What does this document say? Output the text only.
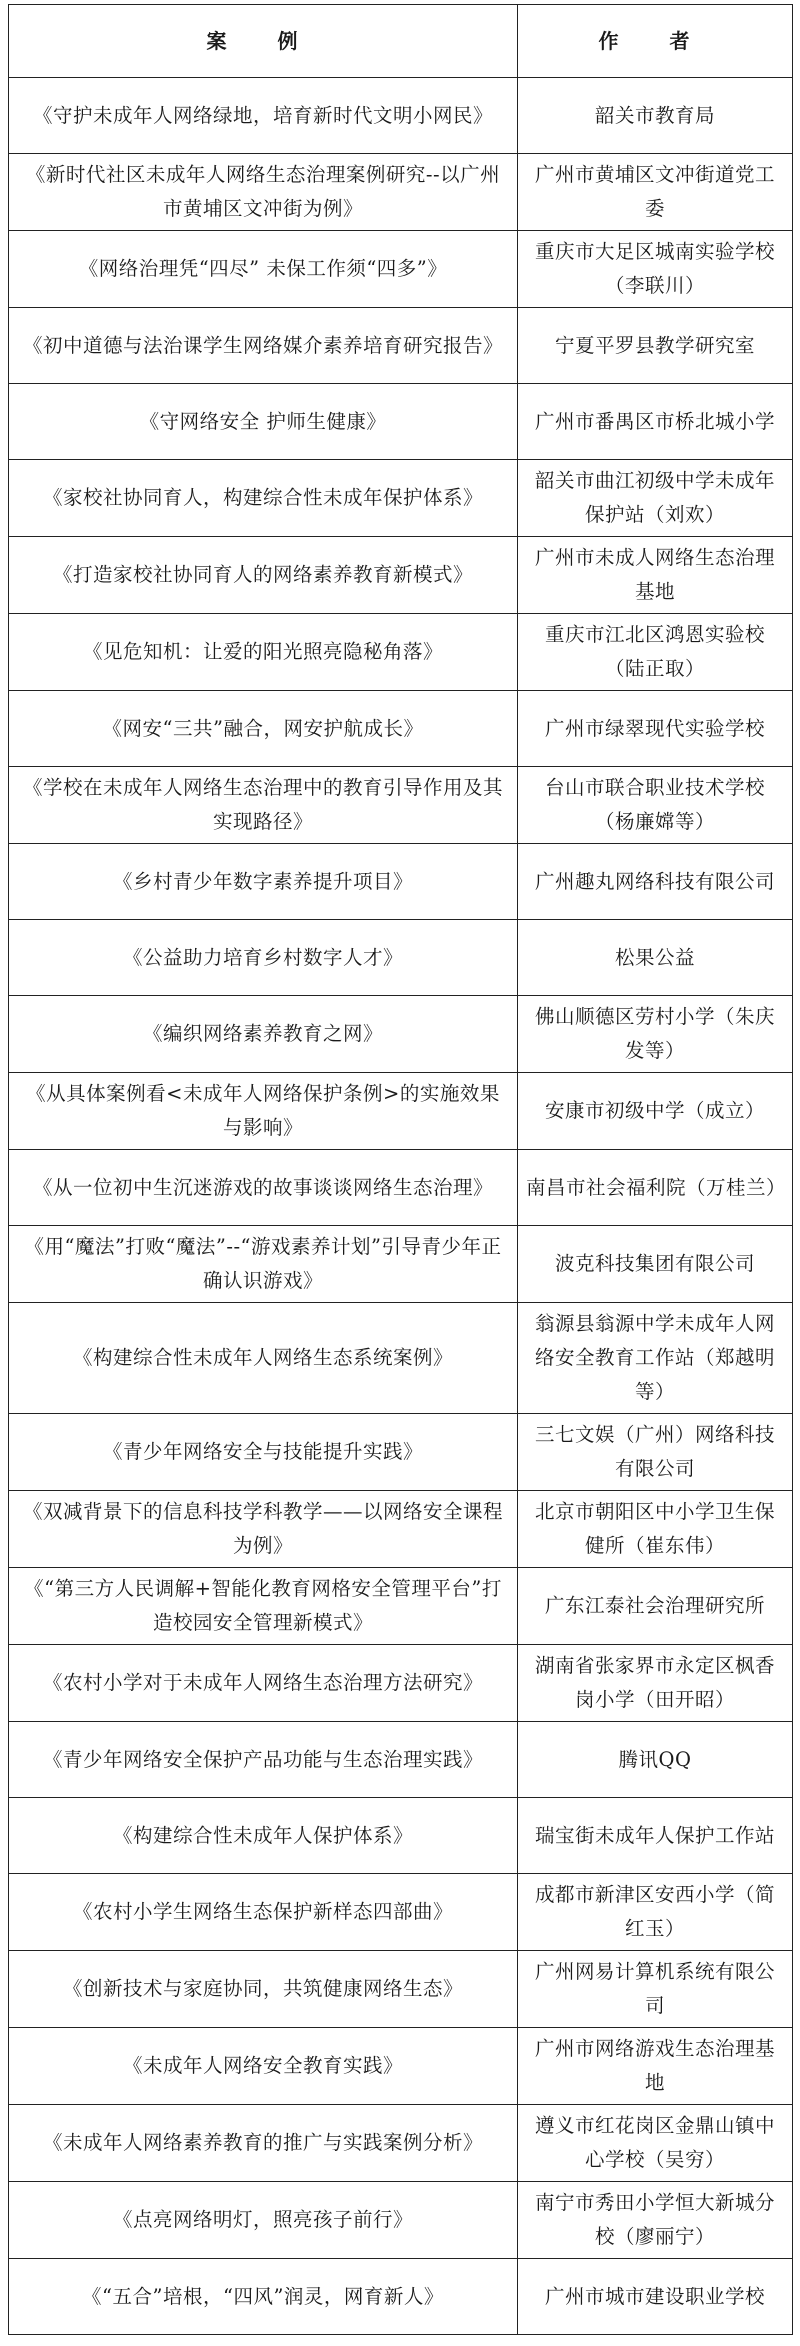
案 例	作 者
《守护未成年人网络绿地，培育新时代文明小网民》	韶关市教育局
《新时代社区未成年人网络生态治理案例研究--以广州市黄埔区文冲街为例》	广州市黄埔区文冲街道党工委
《网络治理凭“四尽” 未保工作须“四多”》	重庆市大足区城南实验学校（李联川）
《初中道德与法治课学生网络媒介素养培育研究报告》	宁夏平罗县教学研究室
《守网络安全 护师生健康》	广州市番禺区市桥北城小学
《家校社协同育人，构建综合性未成年保护体系》	韶关市曲江初级中学未成年保护站（刘欢）
《打造家校社协同育人的网络素养教育新模式》	广州市未成人网络生态治理基地
《见危知机：让爱的阳光照亮隐秘角落》	重庆市江北区鸿恩实验校（陆正取）
《网安“三共”融合，网安护航成长》	广州市绿翠现代实验学校
《学校在未成年人网络生态治理中的教育引导作用及其实现路径》	台山市联合职业技术学校（杨廉嫦等）
《乡村青少年数字素养提升项目》	广州趣丸网络科技有限公司
《公益助力培育乡村数字人才》	松果公益
《编织网络素养教育之网》	佛山顺德区劳村小学（朱庆发等）
《从具体案例看<未成年人网络保护条例>的实施效果与影响》	安康市初级中学（成立）
《从一位初中生沉迷游戏的故事谈谈网络生态治理》	南昌市社会福利院（万桂兰）
《用“魔法”打败“魔法”--“游戏素养计划”引导青少年正确认识游戏》	波克科技集团有限公司
《构建综合性未成年人网络生态系统案例》	翁源县翁源中学未成年人网络安全教育工作站（郑越明等）
《青少年网络安全与技能提升实践》	三七文娱（广州）网络科技有限公司
《双减背景下的信息科技学科教学——以网络安全课程为例》	北京市朝阳区中小学卫生保健所（崔东伟）
《“第三方人民调解+智能化教育网格安全管理平台”打造校园安全管理新模式》	广东江泰社会治理研究所
《农村小学对于未成年人网络生态治理方法研究》	湖南省张家界市永定区枫香岗小学（田开昭）
《青少年网络安全保护产品功能与生态治理实践》	腾讯QQ
《构建综合性未成年人保护体系》	瑞宝街未成年人保护工作站
《农村小学生网络生态保护新样态四部曲》	成都市新津区安西小学（简红玉）
《创新技术与家庭协同，共筑健康网络生态》	广州网易计算机系统有限公司
《未成年人网络安全教育实践》	广州市网络游戏生态治理基地
《未成年人网络素养教育的推广与实践案例分析》	遵义市红花岗区金鼎山镇中心学校（吴穷）
《点亮网络明灯，照亮孩子前行》	南宁市秀田小学恒大新城分校（廖丽宁）
《“五合”培根，“四风”润灵，网育新人》	广州市城市建设职业学校
